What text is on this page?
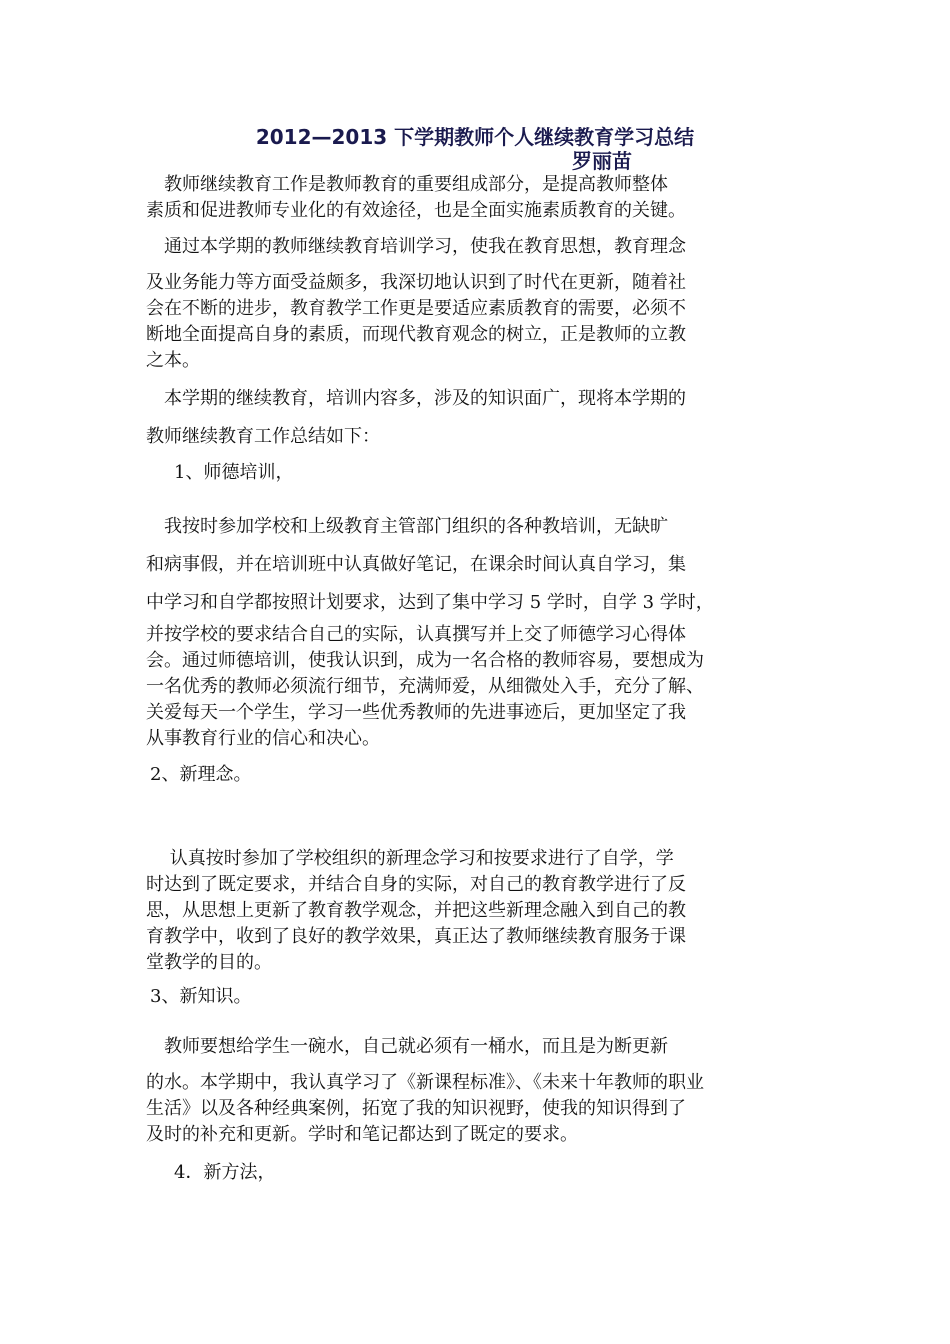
2012—2013 下学期教师个人继续教育学习总结
罗丽苗
　教师继续教育工作是教师教育的重要组成部分，是提高教师整体
素质和促进教师专业化的有效途径，也是全面实施素质教育的关键。
　通过本学期的教师继续教育培训学习，使我在教育思想，教育理念
及业务能力等方面受益颇多，我深切地认识到了时代在更新，随着社
会在不断的进步，教育教学工作更是要适应素质教育的需要，必须不
断地全面提高自身的素质，而现代教育观念的树立，正是教师的立教
之本。
　本学期的继续教育，培训内容多，涉及的知识面广，现将本学期的
教师继续教育工作总结如下：
1、师德培训，
　我按时参加学校和上级教育主管部门组织的各种教培训，无缺旷
和病事假，并在培训班中认真做好笔记，在课余时间认真自学习，集
中学习和自学都按照计划要求，达到了集中学习 5 学时，自学 3 学时，
并按学校的要求结合自己的实际，认真撰写并上交了师德学习心得体
会。通过师德培训，使我认识到，成为一名合格的教师容易，要想成为
一名优秀的教师必须流行细节，充满师爱，从细微处入手，充分了解、
关爱每天一个学生，学习一些优秀教师的先进事迹后，更加坚定了我
从事教育行业的信心和决心。
2、新理念。
　 认真按时参加了学校组织的新理念学习和按要求进行了自学，学
时达到了既定要求，并结合自身的实际，对自己的教育教学进行了反
思，从思想上更新了教育教学观念，并把这些新理念融入到自己的教
育教学中，收到了良好的教学效果，真正达了教师继续教育服务于课
堂教学的目的。
3、新知识。
　教师要想给学生一碗水，自己就必须有一桶水，而且是为断更新
的水。本学期中，我认真学习了《新课程标准》、《未来十年教师的职业
生活》以及各种经典案例，拓宽了我的知识视野，使我的知识得到了
及时的补充和更新。学时和笔记都达到了既定的要求。
4．新方法，
